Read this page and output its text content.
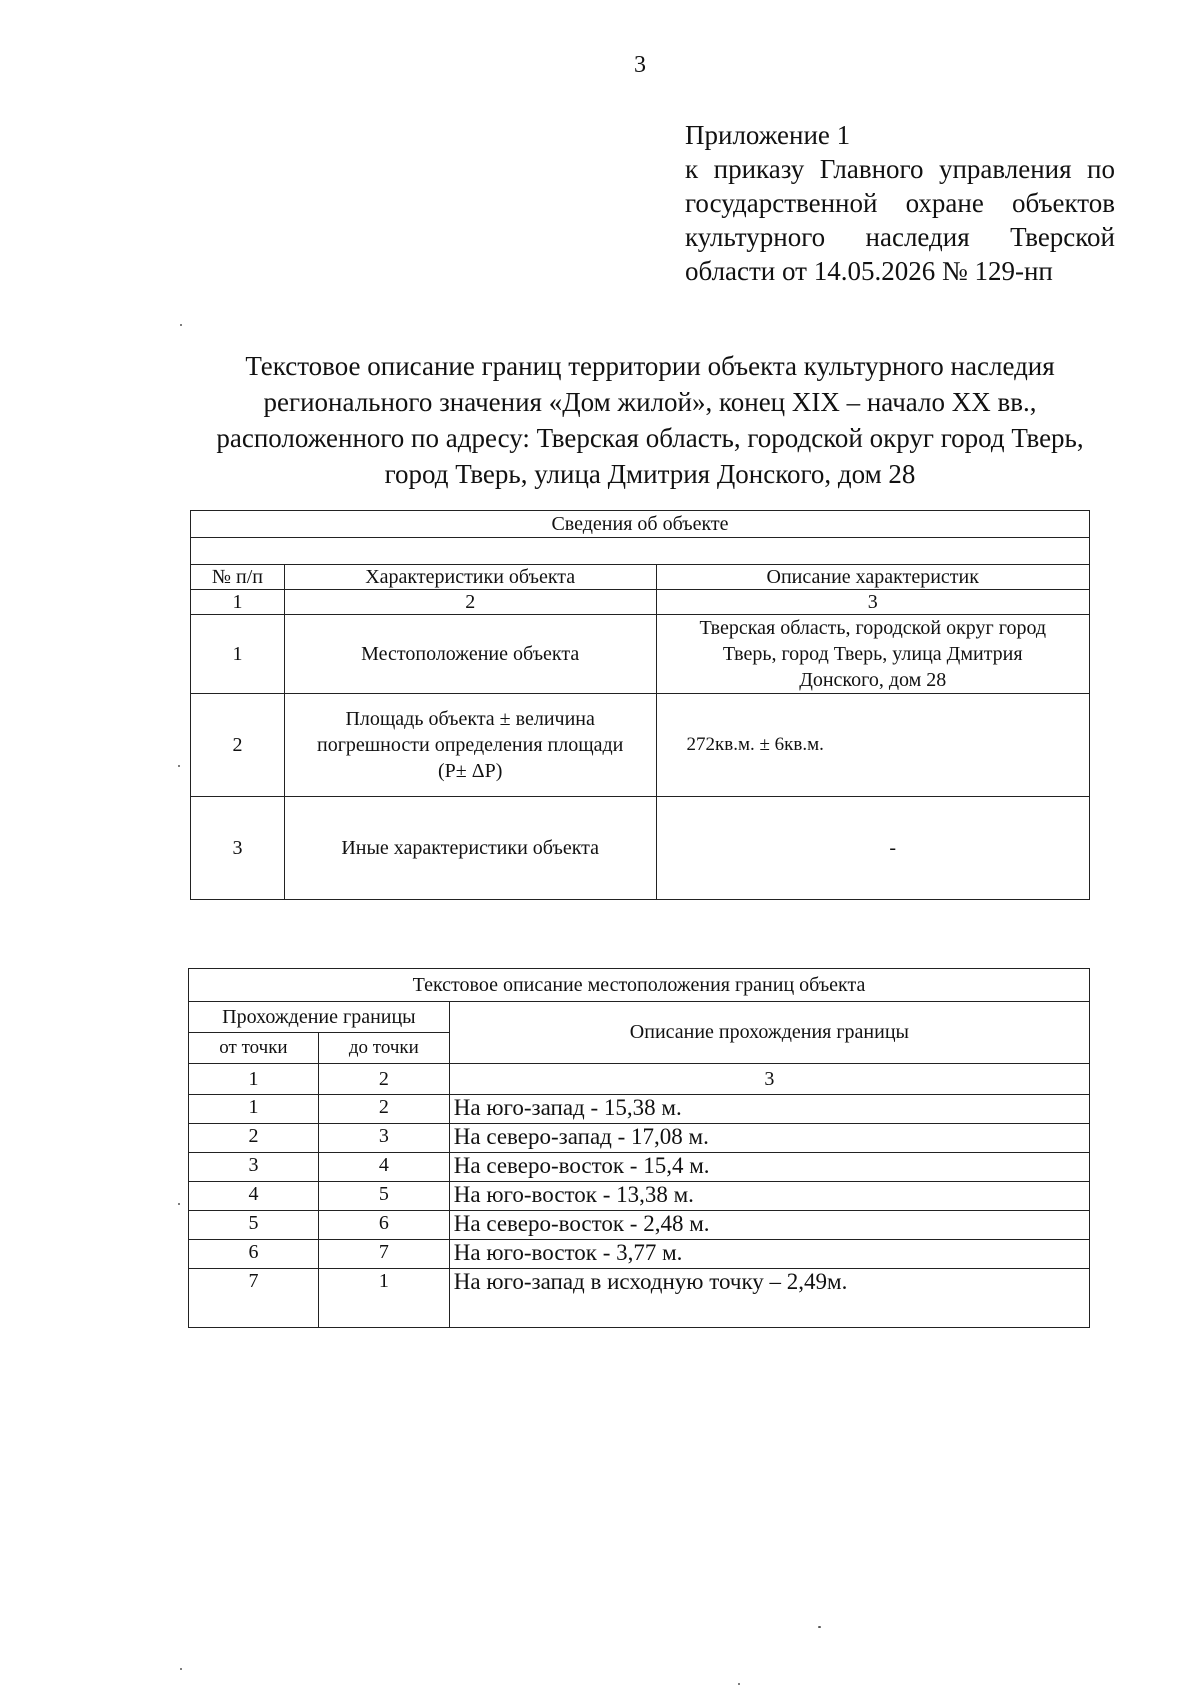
3
Приложение 1
к приказу Главного управления по
государственной охране объектов
культурного наследия Тверской
области от 14.05.2026 № 129-нп
Текстовое описание границ территории объекта культурного наследия
регионального значения «Дом жилой», конец XIX – начало XX вв.,
расположенного по адресу: Тверская область, городской округ город Тверь,
город Тверь, улица Дмитрия Донского, дом 28
Сведения об объекте		

№ п/п	Характеристики объекта	Описание характеристик
1	2	3
1	Местоположение объекта	Тверская область, городской округ город
Тверь, город Тверь, улица Дмитрия
Донского, дом 28

2	Площадь объекта ± величина
погрешности определения площади
(Р± ΔР)	272кв.м. ± 6кв.м.

3	Иные характеристики объекта	-
Текстовое описание местоположения границ объекта		
Прохождение границы		Описание прохождения границы
от точки	до точки	
1	2	3
1	2	На юго-запад - 15,38 м.
2	3	На северо-запад - 17,08 м.
3	4	На северо-восток - 15,4 м.
4	5	На юго-восток - 13,38 м.
5	6	На северо-восток - 2,48 м.
6	7	На юго-восток - 3,77 м.
7	1	На юго-запад в исходную точку – 2,49м.
